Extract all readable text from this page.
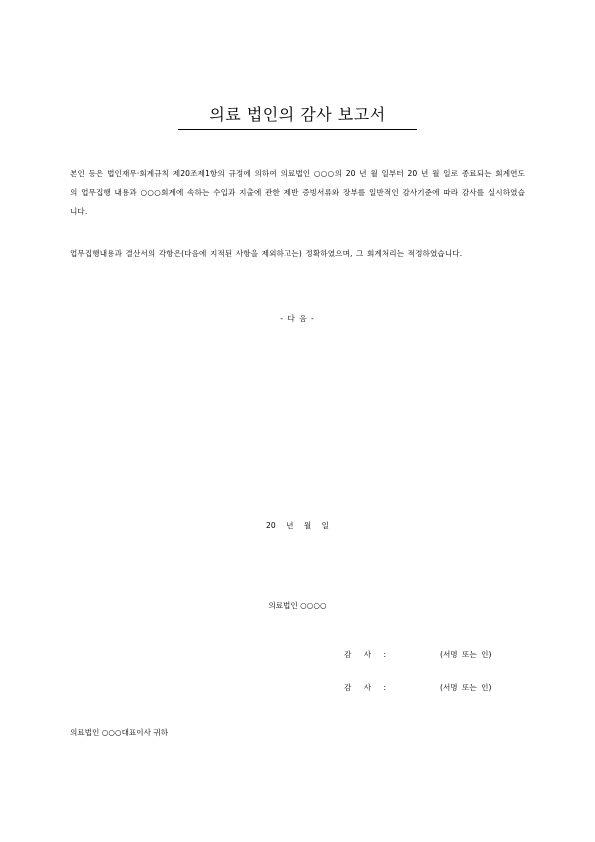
의료 법인의 감사 보고서
본인 등은 법인재무·회계규칙 제20조제1항의 규정에 의하여 의료법인 ○○○의 20 년 월 일부터 20 년 월 일로 종료되는 회계연도의 업무집행 내용과 ○○○회계에 속하는 수입과 지출에 관한 제반 증빙서류와 장부를 일반적인 감사기준에 따라 감사를 실시하였습니다.
업무집행내용과 결산서의 각항은(다음에 지적된 사항을 제외하고는) 정확하였으며, 그 회계처리는 적정하였습니다.
- 다 음 -
20 년 월 일
의료법인 ○○○○
감 사 :	(서명 또는 인)
감 사 :	(서명 또는 인)
의료법인 ○○○대표이사 귀하
